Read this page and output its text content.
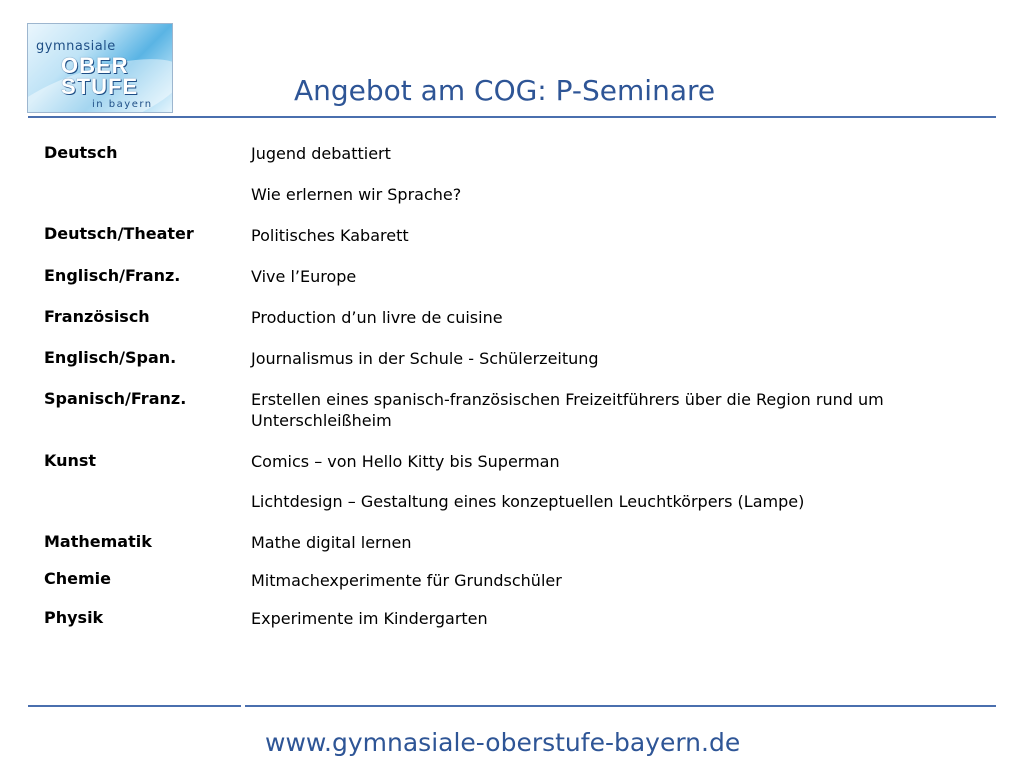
gymnasiale
OBER
STUFE
in bayern	Angebot am COG: P-Seminare
Deutsch	Jugend debattiert
Wie erlernen wir Sprache?
Deutsch/Theater	Politisches Kabarett
Englisch/Franz.	Vive l’Europe
Französisch	Production d’un livre de cuisine
Englisch/Span.	Journalismus in der Schule - Schülerzeitung
Spanisch/Franz.	Erstellen eines spanisch-französischen Freizeitführers über die Region rund um Unterschleißheim
Kunst	Comics – von Hello Kitty bis Superman
Lichtdesign – Gestaltung eines konzeptuellen Leuchtkörpers (Lampe)
Mathematik	Mathe digital lernen
Chemie	Mitmachexperimente für Grundschüler
Physik	Experimente im Kindergarten
www.gymnasiale-oberstufe-bayern.de
